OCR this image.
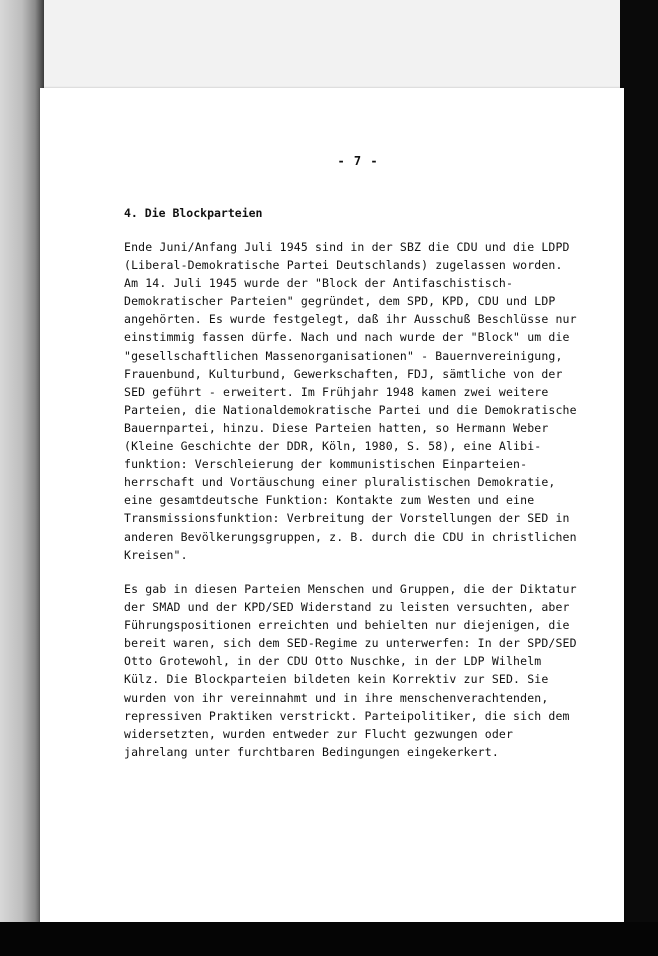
- 7 -
4. Die Blockparteien
Ende Juni/Anfang Juli 1945 sind in der SBZ die CDU und die LDPD
(Liberal-Demokratische Partei Deutschlands) zugelassen worden.
Am 14. Juli 1945 wurde der "Block der Antifaschistisch-
Demokratischer Parteien" gegründet, dem SPD, KPD, CDU und LDP
angehörten. Es wurde festgelegt, daß ihr Ausschuß Beschlüsse nur
einstimmig fassen dürfe. Nach und nach wurde der "Block" um die
"gesellschaftlichen Massenorganisationen" - Bauernvereinigung,
Frauenbund, Kulturbund, Gewerkschaften, FDJ, sämtliche von der
SED geführt - erweitert. Im Frühjahr 1948 kamen zwei weitere
Parteien, die Nationaldemokratische Partei und die Demokratische
Bauernpartei, hinzu. Diese Parteien hatten, so Hermann Weber
(Kleine Geschichte der DDR, Köln, 1980, S. 58), eine Alibi-
funktion: Verschleierung der kommunistischen Einparteien-
herrschaft und Vortäuschung einer pluralistischen Demokratie,
eine gesamtdeutsche Funktion: Kontakte zum Westen und eine
Transmissionsfunktion: Verbreitung der Vorstellungen der SED in
anderen Bevölkerungsgruppen, z. B. durch die CDU in christlichen
Kreisen".
Es gab in diesen Parteien Menschen und Gruppen, die der Diktatur
der SMAD und der KPD/SED Widerstand zu leisten versuchten, aber
Führungspositionen erreichten und behielten nur diejenigen, die
bereit waren, sich dem SED-Regime zu unterwerfen: In der SPD/SED
Otto Grotewohl, in der CDU Otto Nuschke, in der LDP Wilhelm
Külz. Die Blockparteien bildeten kein Korrektiv zur SED. Sie
wurden von ihr vereinnahmt und in ihre menschenverachtenden,
repressiven Praktiken verstrickt. Parteipolitiker, die sich dem
widersetzten, wurden entweder zur Flucht gezwungen oder
jahrelang unter furchtbaren Bedingungen eingekerkert.
